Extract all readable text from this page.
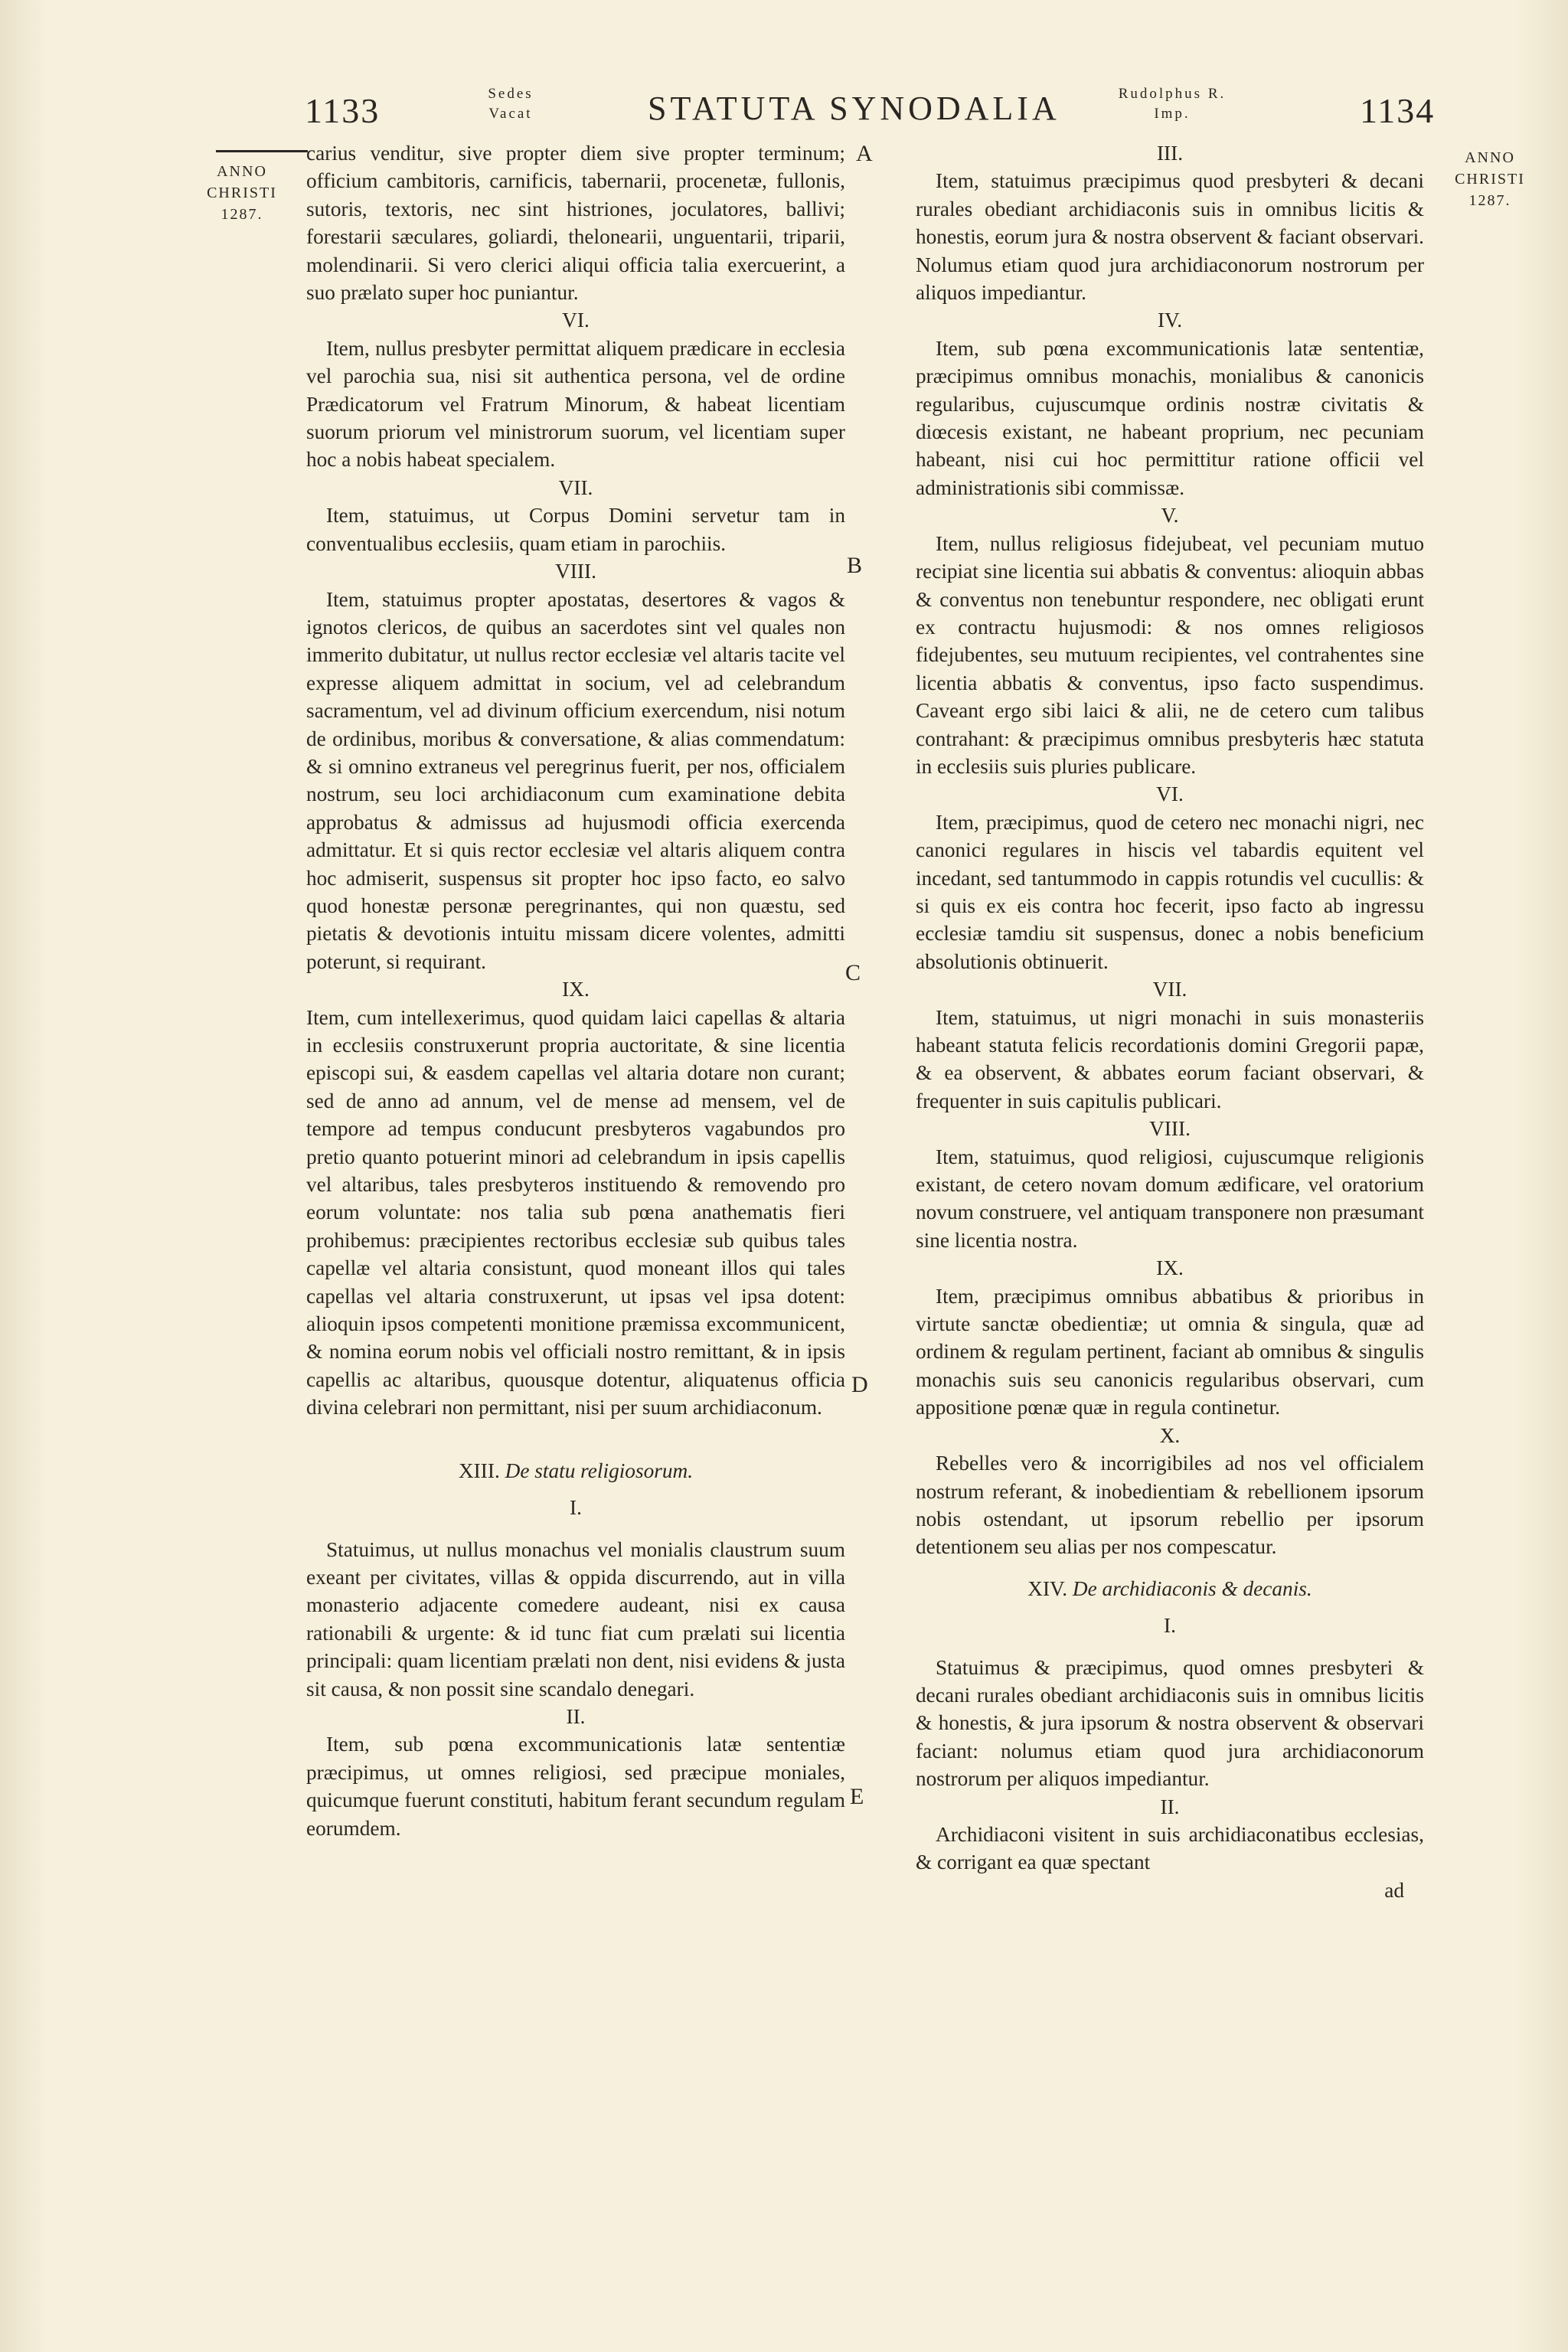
1133	Sedes
Vacat	STATUTA SYNODALIA	Rudolphus R.
Imp.	1134
ANNO
CHRISTI
1287.
ANNO
CHRISTI
1287.
A
B
C
D
E

carius venditur, sive propter diem sive propter terminum; officium cambitoris, carnificis, tabernarii, procenetæ, fullonis, sutoris, textoris, nec sint histriones, joculatores, ballivi; forestarii sæculares, goliardi, thelonearii, unguentarii, triparii, molendinarii. Si vero clerici aliqui officia talia exercuerint, a suo prælato super hoc puniantur.

VI.

Item, nullus presbyter permittat aliquem prædicare in ecclesia vel parochia sua, nisi sit authentica persona, vel de ordine Prædicatorum vel Fratrum Minorum, & habeat licentiam suorum priorum vel ministrorum suorum, vel licentiam super hoc a nobis habeat specialem.

VII.

Item, statuimus, ut Corpus Domini servetur tam in conventualibus ecclesiis, quam etiam in parochiis.

VIII.

Item, statuimus propter apostatas, desertores & vagos & ignotos clericos, de quibus an sacerdotes sint vel quales non immerito dubitatur, ut nullus rector ecclesiæ vel altaris tacite vel expresse aliquem admittat in socium, vel ad celebrandum sacramentum, vel ad divinum officium exercendum, nisi notum de ordinibus, moribus & conversatione, & alias commendatum: & si omnino extraneus vel peregrinus fuerit, per nos, officialem nostrum, seu loci archidiaconum cum examinatione debita approbatus & admissus ad hujusmodi officia exercenda admittatur. Et si quis rector ecclesiæ vel altaris aliquem contra hoc admiserit, suspensus sit propter hoc ipso facto, eo salvo quod honestæ personæ peregrinantes, qui non quæstu, sed pietatis & devotionis intuitu missam dicere volentes, admitti poterunt, si requirant.

IX.

Item, cum intellexerimus, quod quidam laici capellas & altaria in ecclesiis construxerunt propria auctoritate, & sine licentia episcopi sui, & easdem capellas vel altaria dotare non curant; sed de anno ad annum, vel de mense ad mensem, vel de tempore ad tempus conducunt presbyteros vagabundos pro pretio quanto potuerint minori ad celebrandum in ipsis capellis vel altaribus, tales presbyteros instituendo & removendo pro eorum voluntate: nos talia sub pœna anathematis fieri prohibemus: præcipientes rectoribus ecclesiæ sub quibus tales capellæ vel altaria consistunt, quod moneant illos qui tales capellas vel altaria construxerunt, ut ipsas vel ipsa dotent: alioquin ipsos competenti monitione præmissa excommunicent, & nomina eorum nobis vel officiali nostro remittant, & in ipsis capellis ac altaribus, quousque dotentur, aliquatenus officia divina celebrari non permittant, nisi per suum archidiaconum.

XIII. De statu religiosorum.

I.

Statuimus, ut nullus monachus vel monialis claustrum suum exeant per civitates, villas & oppida discurrendo, aut in villa monasterio adjacente comedere audeant, nisi ex causa rationabili & urgente: & id tunc fiat cum prælati sui licentia principali: quam licentiam prælati non dent, nisi evidens & justa sit causa, & non possit sine scandalo denegari.

II.

Item, sub pœna excommunicationis latæ sententiæ præcipimus, ut omnes religiosi, sed præcipue moniales, quicumque fuerunt constituti, habitum ferant secundum regulam eorumdem.

III.

Item, statuimus præcipimus quod presbyteri & decani rurales obediant archidiaconis suis in omnibus licitis & honestis, eorum jura & nostra observent & faciant observari. Nolumus etiam quod jura archidiaconorum nostrorum per aliquos impediantur.

IV.

Item, sub pœna excommunicationis latæ sententiæ, præcipimus omnibus monachis, monialibus & canonicis regularibus, cujuscumque ordinis nostræ civitatis & diœcesis existant, ne habeant proprium, nec pecuniam habeant, nisi cui hoc permittitur ratione officii vel administrationis sibi commissæ.

V.

Item, nullus religiosus fidejubeat, vel pecuniam mutuo recipiat sine licentia sui abbatis & conventus: alioquin abbas & conventus non tenebuntur respondere, nec obligati erunt ex contractu hujusmodi: & nos omnes religiosos fidejubentes, seu mutuum recipientes, vel contrahentes sine licentia abbatis & conventus, ipso facto suspendimus. Caveant ergo sibi laici & alii, ne de cetero cum talibus contrahant: & præcipimus omnibus presbyteris hæc statuta in ecclesiis suis pluries publicare.

VI.

Item, præcipimus, quod de cetero nec monachi nigri, nec canonici regulares in hiscis vel tabardis equitent vel incedant, sed tantummodo in cappis rotundis vel cucullis: & si quis ex eis contra hoc fecerit, ipso facto ab ingressu ecclesiæ tamdiu sit suspensus, donec a nobis beneficium absolutionis obtinuerit.

VII.

Item, statuimus, ut nigri monachi in suis monasteriis habeant statuta felicis recordationis domini Gregorii papæ, & ea observent, & abbates eorum faciant observari, & frequenter in suis capitulis publicari.

VIII.

Item, statuimus, quod religiosi, cujuscumque religionis existant, de cetero novam domum ædificare, vel oratorium novum construere, vel antiquam transponere non præsumant sine licentia nostra.

IX.

Item, præcipimus omnibus abbatibus & prioribus in virtute sanctæ obedientiæ; ut omnia & singula, quæ ad ordinem & regulam pertinent, faciant ab omnibus & singulis monachis suis seu canonicis regularibus observari, cum appositione pœnæ quæ in regula continetur.

X.

Rebelles vero & incorrigibiles ad nos vel officialem nostrum referant, & inobedientiam & rebellionem ipsorum nobis ostendant, ut ipsorum rebellio per ipsorum detentionem seu alias per nos compescatur.

XIV. De archidiaconis & decanis.

I.

Statuimus & præcipimus, quod omnes presbyteri & decani rurales obediant archidiaconis suis in omnibus licitis & honestis, & jura ipsorum & nostra observent & observari faciant: nolumus etiam quod jura archidiaconorum nostrorum per aliquos impediantur.

II.

Archidiaconi visitent in suis archidiaconatibus ecclesias, & corrigant ea quæ spectant

ad
